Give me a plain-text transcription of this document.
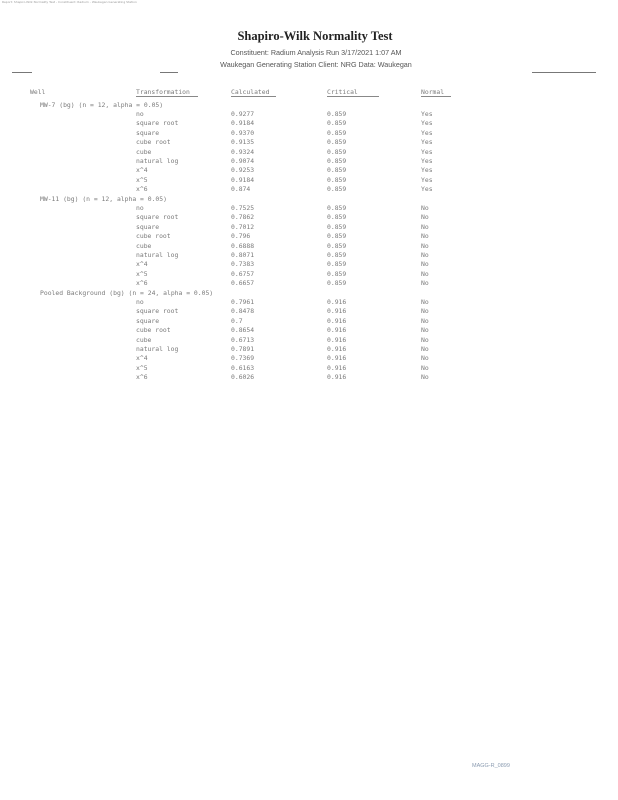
Report: Shapiro-Wilk Normality Test - Constituent: Radium - Waukegan Generating Station
Shapiro-Wilk Normality Test
Constituent: Radium Analysis Run 3/17/2021 1:07 AM
Waukegan Generating Station Client: NRG Data: Waukegan
Well	Transformation	Calculated	Critical	Normal
MW-7 (bg) (n = 12, alpha = 0.05)
no	0.9277	0.859	Yes
square root	0.9184	0.859	Yes
square	0.9370	0.859	Yes
cube root	0.9135	0.859	Yes
cube	0.9324	0.859	Yes
natural log	0.9074	0.859	Yes
x^4	0.9253	0.859	Yes
x^5	0.9184	0.859	Yes
x^6	0.874	0.859	Yes
MW-11 (bg) (n = 12, alpha = 0.05)
no	0.7525	0.859	No
square root	0.7862	0.859	No
square	0.7012	0.859	No
cube root	0.796	0.859	No
cube	0.6888	0.859	No
natural log	0.8071	0.859	No
x^4	0.7383	0.859	No
x^5	0.6757	0.859	No
x^6	0.6657	0.859	No
Pooled Background (bg) (n = 24, alpha = 0.05)
no	0.7961	0.916	No
square root	0.8478	0.916	No
square	0.7	0.916	No
cube root	0.8654	0.916	No
cube	0.6713	0.916	No
natural log	0.7891	0.916	No
x^4	0.7369	0.916	No
x^5	0.6163	0.916	No
x^6	0.6026	0.916	No
MAGG-R_0899
